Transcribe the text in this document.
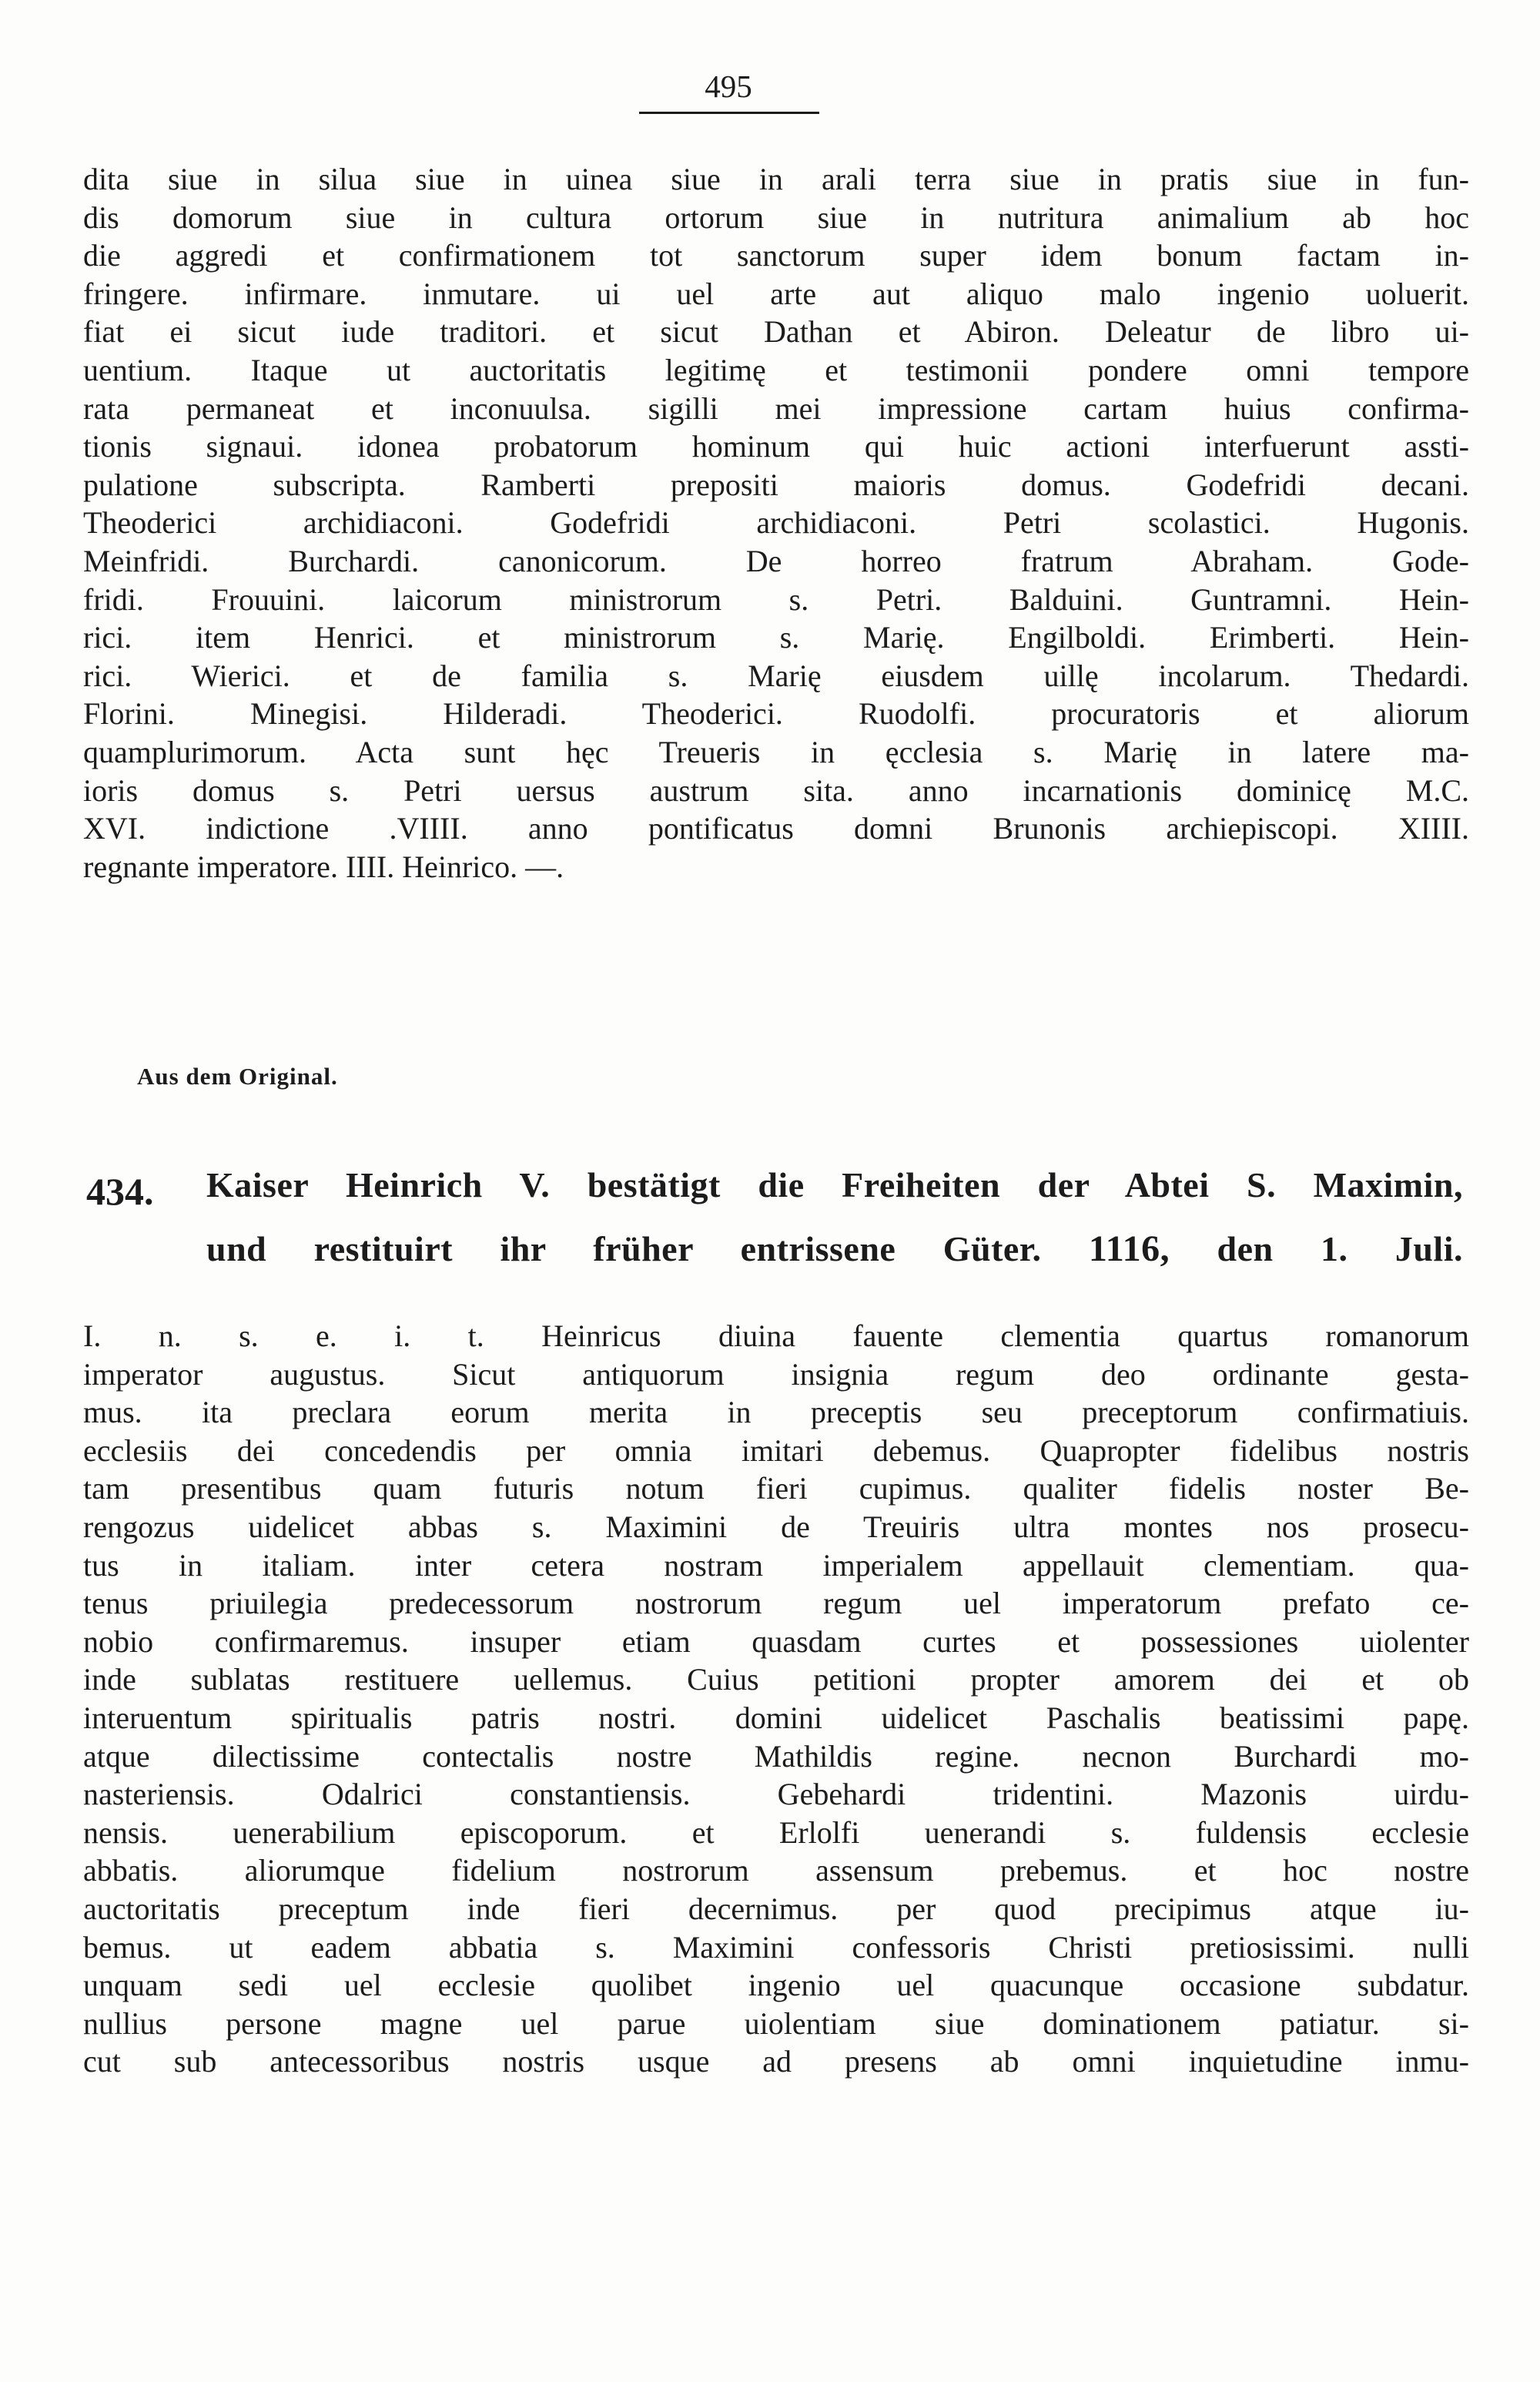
495
dita siue in silua siue in uinea siue in arali terra siue in pratis siue in fun-
dis domorum siue in cultura ortorum siue in nutritura animalium ab hoc
die aggredi et confirmationem tot sanctorum super idem bonum factam in-
fringere. infirmare. inmutare. ui uel arte aut aliquo malo ingenio uoluerit.
fiat ei sicut iude traditori. et sicut Dathan et Abiron. Deleatur de libro ui-
uentium. Itaque ut auctoritatis legitimę et testimonii pondere omni tempore
rata permaneat et inconuulsa. sigilli mei impressione cartam huius confirma-
tionis signaui. idonea probatorum hominum qui huic actioni interfuerunt assti-
pulatione subscripta. Ramberti prepositi maioris domus. Godefridi decani.
Theoderici archidiaconi. Godefridi archidiaconi. Petri scolastici. Hugonis.
Meinfridi. Burchardi. canonicorum. De horreo fratrum Abraham. Gode-
fridi. Frouuini. laicorum ministrorum s. Petri. Balduini. Guntramni. Hein-
rici. item Henrici. et ministrorum s. Marię. Engilboldi. Erimberti. Hein-
rici. Wierici. et de familia s. Marię eiusdem uillę incolarum. Thedardi.
Florini. Minegisi. Hilderadi. Theoderici. Ruodolfi. procuratoris et aliorum
quamplurimorum. Acta sunt hęc Treueris in ęcclesia s. Marię in latere ma-
ioris domus s. Petri uersus austrum sita. anno incarnationis dominicę M.C.
XVI. indictione .VIIII. anno pontificatus domni Brunonis archiepiscopi. XIIII.
regnante imperatore. IIII. Heinrico. —.
Aus dem Original.
434. Kaiser Heinrich V. bestätigt die Freiheiten der Abtei S. Maximin,
und restituirt ihr früher entrissene Güter. 1116, den 1. Juli.
I. n. s. e. i. t. Heinricus diuina fauente clementia quartus romanorum
imperator augustus. Sicut antiquorum insignia regum deo ordinante gesta-
mus. ita preclara eorum merita in preceptis seu preceptorum confirmatiuis.
ecclesiis dei concedendis per omnia imitari debemus. Quapropter fidelibus nostris
tam presentibus quam futuris notum fieri cupimus. qualiter fidelis noster Be-
rengozus uidelicet abbas s. Maximini de Treuiris ultra montes nos prosecu-
tus in italiam. inter cetera nostram imperialem appellauit clementiam. qua-
tenus priuilegia predecessorum nostrorum regum uel imperatorum prefato ce-
nobio confirmaremus. insuper etiam quasdam curtes et possessiones uiolenter
inde sublatas restituere uellemus. Cuius petitioni propter amorem dei et ob
interuentum spiritualis patris nostri. domini uidelicet Paschalis beatissimi papę.
atque dilectissime contectalis nostre Mathildis regine. necnon Burchardi mo-
nasteriensis. Odalrici constantiensis. Gebehardi tridentini. Mazonis uirdu-
nensis. uenerabilium episcoporum. et Erlolfi uenerandi s. fuldensis ecclesie
abbatis. aliorumque fidelium nostrorum assensum prebemus. et hoc nostre
auctoritatis preceptum inde fieri decernimus. per quod precipimus atque iu-
bemus. ut eadem abbatia s. Maximini confessoris Christi pretiosissimi. nulli
unquam sedi uel ecclesie quolibet ingenio uel quacunque occasione subdatur.
nullius persone magne uel parue uiolentiam siue dominationem patiatur. si-
cut sub antecessoribus nostris usque ad presens ab omni inquietudine inmu-
